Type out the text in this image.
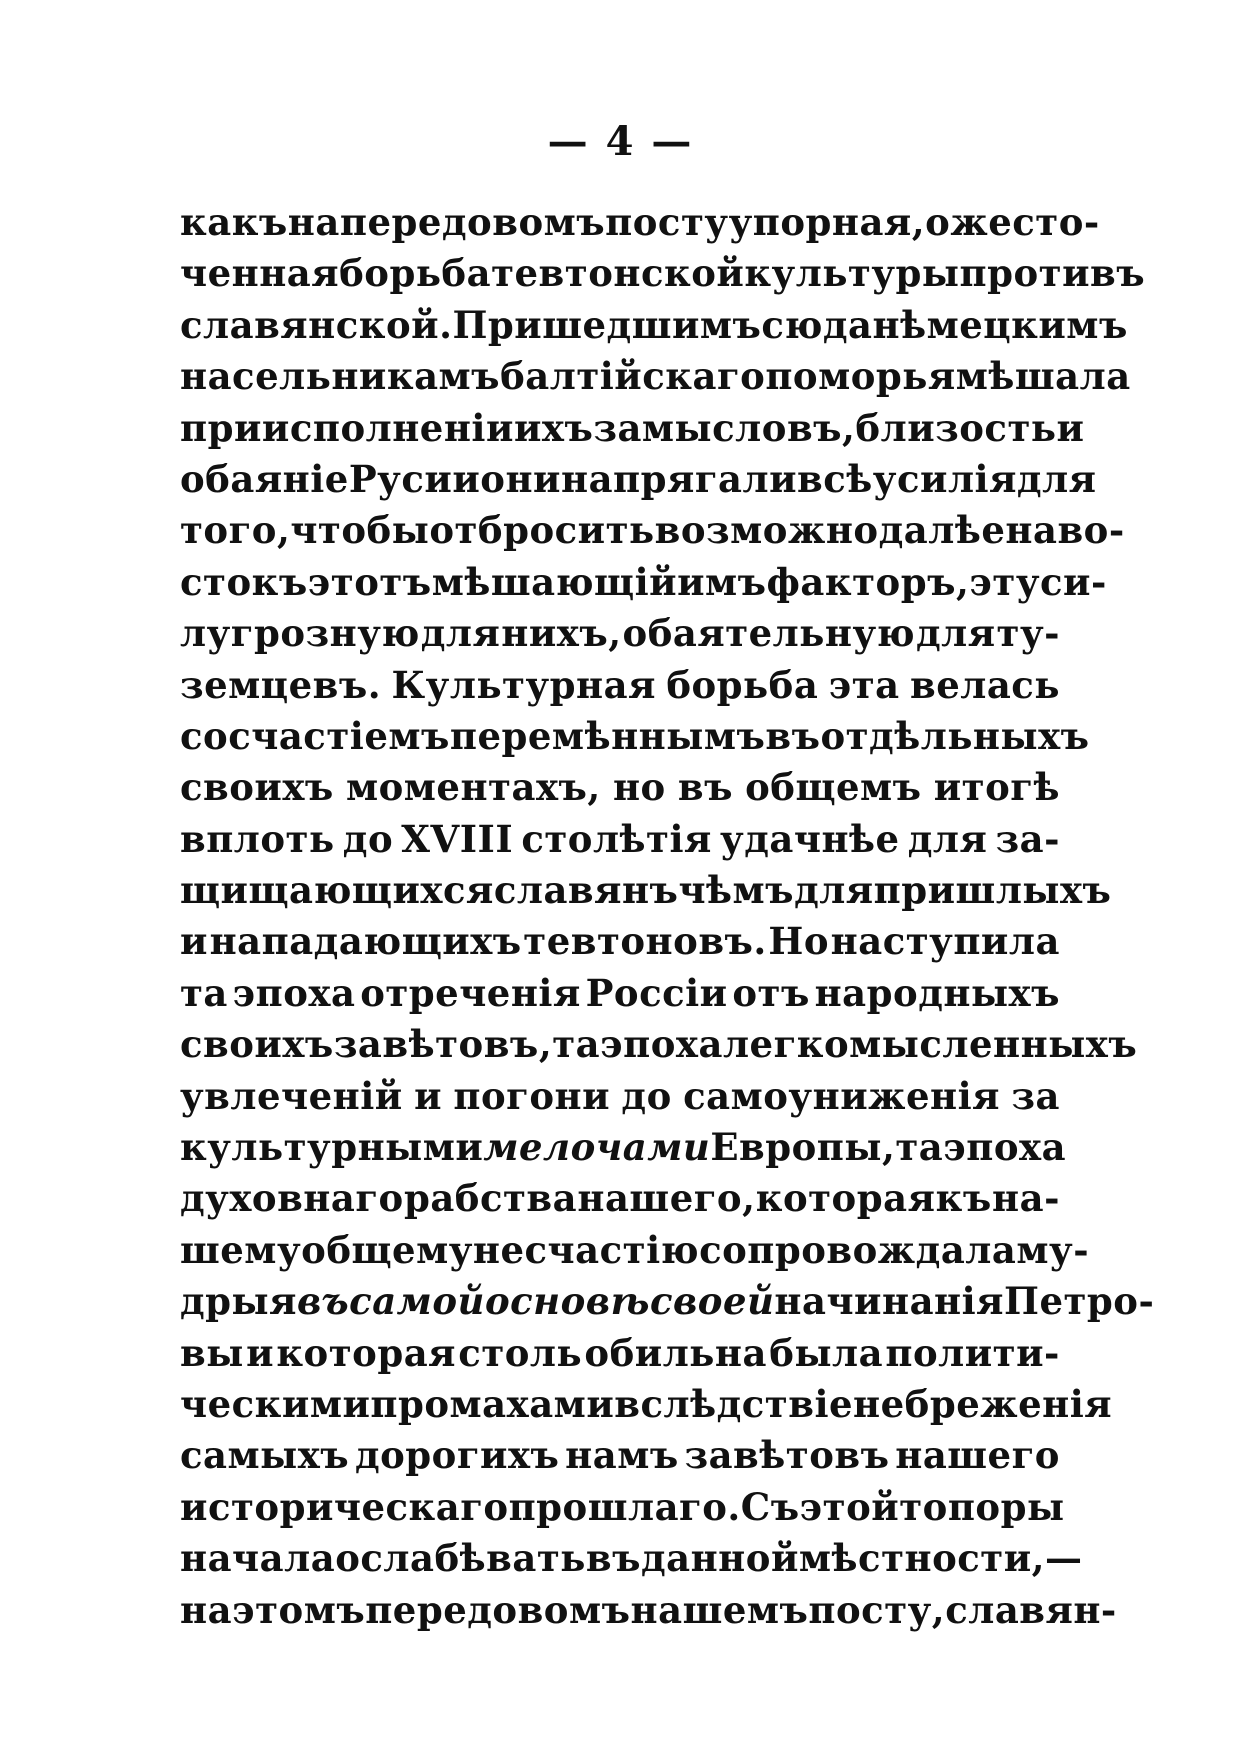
— 4 —
какъ на передовомъ посту упорная, ожесто-
ченная борьба тевтонской культуры противъ
славянской. Пришедшимъ сюда нѣмецкимъ
насельникамъ балтійскаго поморья мѣшала
при исполненіи ихъ замысловъ, близость и
обаяніе Руси и они напрягали всѣ усилія для
того, чтобы отбросить возможно далѣе на во-
стокъ этотъ мѣшающій имъ факторъ, эту си-
лугрозную для нихъ, обаятельную для ту-
земцевъ. Культурная борьба эта велась
со счастіемъ перемѣннымъ въ отдѣльныхъ
своихъ моментахъ, но въ общемъ итогѣ
вплоть до XVIII столѣтія удачнѣе для за-
щищающихся славянъ чѣмъ для пришлыхъ
и нападающихъ тевтоновъ. Но наступила
та эпоха отреченія Россіи отъ народныхъ
своихъ завѣтовъ, та эпоха легкомысленныхъ
увлеченій и погони до самоуниженія за
культурными мелочами Европы, та эпоха
духовнаго рабства нашего, которая къ на-
шему общему несчастію сопровождала му-
дрыя въ самой основѣ своей начинанія Петро-
вы и которая столь обильна была полити-
ческими промахами вслѣдствіе небреженія
самыхъ дорогихъ намъ завѣтовъ нашего
историческаго прошлаго. Съ этой то поры
начала ослабѣвать въ данной мѣстности, —
на этомъ передовомъ нашемъ посту, славян-
